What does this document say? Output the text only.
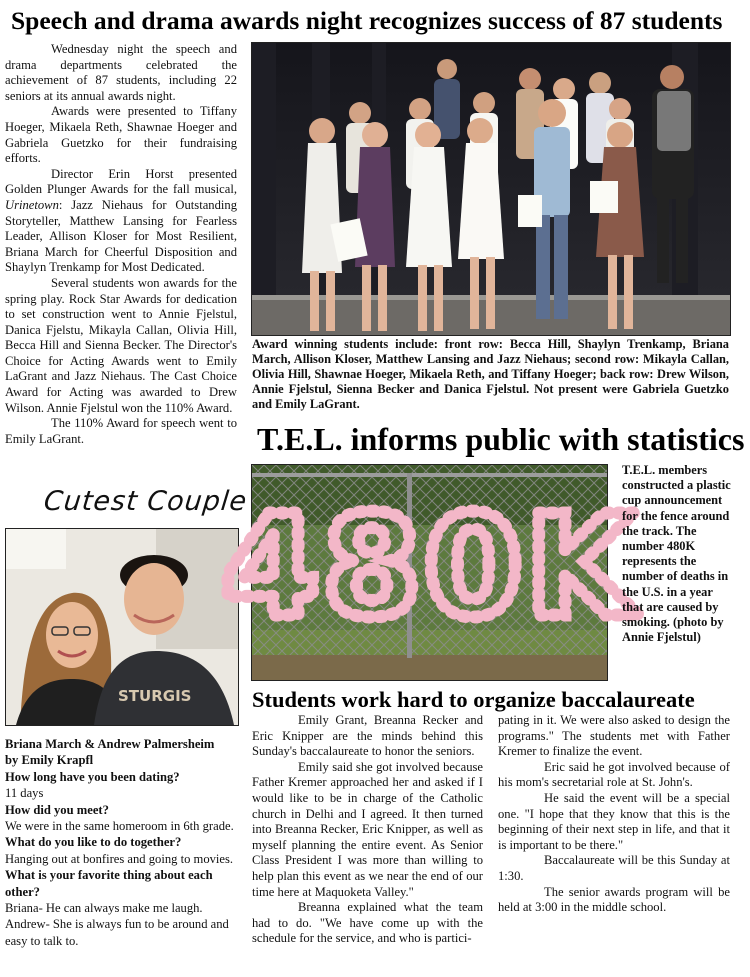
Speech and drama awards night recognizes success of 87 students

Wednesday night the speech and drama departments celebrated the achievement of 87 students, including 22 seniors at its annual awards night.

Awards were presented to Tiffany Hoeger, Mikaela Reth, Shawnae Hoeger and Gabriela Guetzko for their fundraising efforts.

Director Erin Horst presented Golden Plunger Awards for the fall musical, Urinetown: Jazz Niehaus for Outstanding Storyteller, Matthew Lansing for Fearless Leader, Allison Kloser for Most Resilient, Briana March for Cheerful Disposition and Shaylyn Trenkamp for Most Dedicated.

Several students won awards for the spring play. Rock Star Awards for dedication to set construction went to Annie Fjelstul, Danica Fjelstu, Mikayla Callan, Olivia Hill, Becca Hill and Sienna Becker. The Director's Choice for Acting Awards went to Emily LaGrant and Jazz Niehaus. The Cast Choice Award for Acting was awarded to Drew Wilson. Annie Fjelstul won the 110% Award.

The 110% Award for speech went to Emily LaGrant.

Award winning students include: front row: Becca Hill, Shaylyn Trenkamp, Briana March, Allison Kloser, Matthew Lansing and Jazz Niehaus; second row: Mikayla Callan, Olivia Hill, Shawnae Hoeger, Mikaela Reth, and Tiffany Hoeger; back row: Drew Wilson, Annie Fjelstul, Sienna Becker and Danica Fjelstul. Not present were Gabriela Guetzko and Emily LaGrant.
Cutest Couple
STURGIS
Briana March & Andrew Palmersheim
by Emily Krapfl
How long have you been dating?
11 days
How did you meet?
We were in the same homeroom in 6th grade.
What do you like to do together?
Hanging out at bonfires and going to movies.
What is your favorite thing about each other?
Briana- He can always make me laugh. Andrew- She is always fun to be around and easy to talk to.
T.E.L. informs public with statistics
480K
T.E.L. members constructed a plastic cup announcement for the fence around the track. The number 480K represents the number of deaths in the U.S. in a year that are caused by smoking. (photo by Annie Fjelstul)
Students work hard to organize baccalaureate

Emily Grant, Breanna Recker and Eric Knipper are the minds behind this Sunday's baccalaureate to honor the seniors.

Emily said she got involved because Father Kremer approached her and asked if I would like to be in charge of the Catholic church in Delhi and I agreed. It then turned into Breanna Recker, Eric Knipper, as well as myself planning the entire event. As Senior Class President I was more than willing to help plan this event as we near the end of our time here at Maquoketa Valley."

Breanna explained what the team had to do. "We have come up with the schedule for the service, and who is partici-

pating in it. We were also asked to design the programs." The students met with Father Kremer to finalize the event.

Eric said he got involved because of his mom's secretarial role at St. John's.

He said the event will be a special one. "I hope that they know that this is the beginning of their next step in life, and that it is important to be there."

Baccalaureate will be this Sunday at 1:30.

The senior awards program will be held at 3:00 in the middle school.
